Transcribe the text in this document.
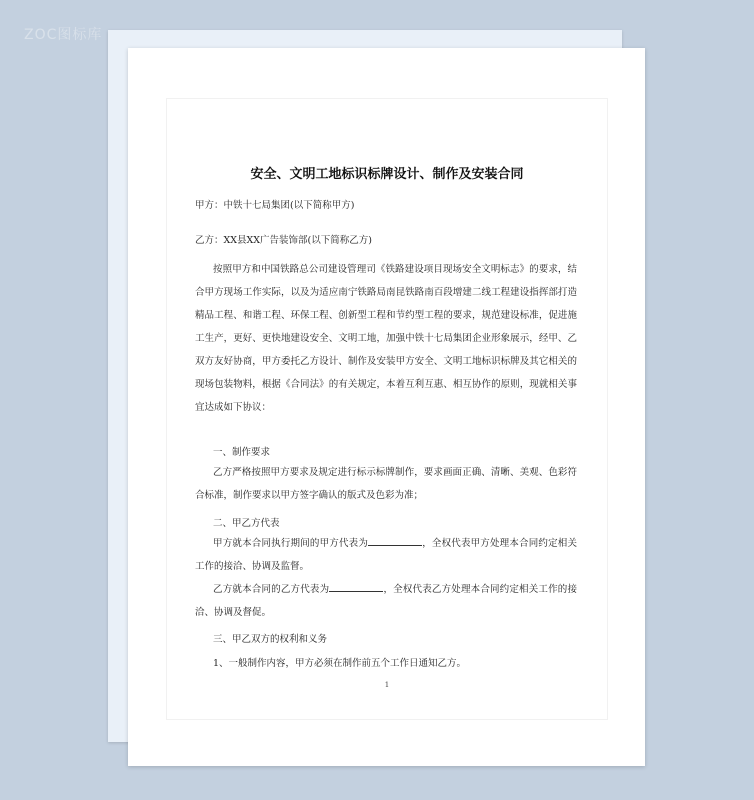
ZOC图标库
安全、文明工地标识标牌设计、制作及安装合同
甲方：中铁十七局集团(以下简称甲方)
乙方：XX县XX广告装饰部(以下简称乙方)
按照甲方和中国铁路总公司建设管理司《铁路建设项目现场安全文明标志》的要求，结合甲方现场工作实际，以及为适应南宁铁路局南昆铁路南百段增建二线工程建设指挥部打造精品工程、和谐工程、环保工程、创新型工程和节约型工程的要求，规范建设标准，促进施工生产，更好、更快地建设安全、文明工地，加强中铁十七局集团企业形象展示，经甲、乙双方友好协商，甲方委托乙方设计、制作及安装甲方安全、文明工地标识标牌及其它相关的现场包装物料，根据《合同法》的有关规定，本着互利互惠、相互协作的原则，现就相关事宜达成如下协议：
一、制作要求
乙方严格按照甲方要求及规定进行标示标牌制作，要求画面正确、清晰、美观、色彩符合标准，制作要求以甲方签字确认的版式及色彩为准；
二、甲乙方代表
甲方就本合同执行期间的甲方代表为	，全权代表甲方处理本合同约定相关工作的接洽、协调及监督。
乙方就本合同的乙方代表为	，全权代表乙方处理本合同约定相关工作的接洽、协调及督促。
三、甲乙双方的权利和义务
1、一般制作内容，甲方必须在制作前五个工作日通知乙方。
1
